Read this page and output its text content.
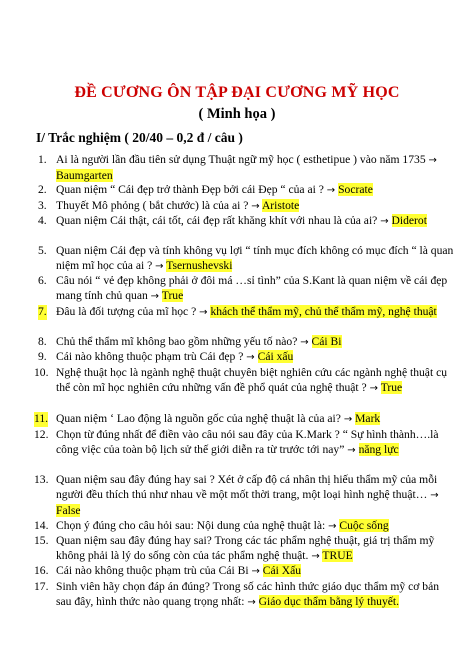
ĐỀ CƯƠNG ÔN TẬP ĐẠI CƯƠNG MỸ HỌC
( Minh họa )
I/ Trắc nghiệm ( 20/40 – 0,2 đ / câu )
1. Ai là người lần đầu tiên sử dụng Thuật ngữ mỹ học ( esthetipue ) vào năm 1735 → Baumgarten
2. Quan niệm “ Cái đẹp trở thành Đẹp bởi cái Đẹp “ của ai ? → Socrate
3. Thuyết Mô phỏng ( bắt chước) là của ai ? → Aristote
4. Quan niệm Cái thật, cái tốt, cái đẹp rất khăng khít với nhau là của ai? → Diderot
5. Quan niệm Cái đẹp và tính không vụ lợi “ tính mục đích không có mục đích “ là quan niệm mĩ học của ai ? → Tsernushevski
6. Câu nói “ vẻ đẹp không phải ở đôi má …sỉ tình” của S.Kant là quan niệm về cái đẹp mang tính chủ quan → True
7. Đâu là đối tượng của mĩ học ? → khách thể thẩm mỹ, chủ thể thẩm mỹ, nghệ thuật
8. Chủ thể thẩm mĩ không bao gồm những yếu tố nào? → Cái Bi
9. Cái nào không thuộc phạm trù Cái đẹp ? → Cái xấu
10. Nghệ thuật học là ngành nghệ thuật chuyên biệt nghiên cứu các ngành nghệ thuật cụ thể còn mĩ học nghiên cứu những vấn đề phổ quát của nghệ thuật ? → True
11. Quan niệm ‘ Lao động là nguồn gốc của nghệ thuật là của ai? → Mark
12. Chọn từ đúng nhất để điền vào câu nói sau đây của K.Mark ? “ Sự hình thành….là công việc của toàn bộ lịch sử thế giới diễn ra từ trước tới nay” → năng lực
13. Quan niệm sau đây đúng hay sai ? Xét ở cấp độ cá nhân thị hiếu thẩm mỹ của mỗi người đều thích thú như nhau về một mốt thời trang, một loại hình nghệ thuật… → False
14. Chọn ý đúng cho câu hỏi sau: Nội dung của nghệ thuật là: → Cuộc sống
15. Quan niệm sau đây đúng hay sai? Trong các tác phẩm nghệ thuật, giá trị thẩm mỹ không phải là lý do sống còn của tác phẩm nghệ thuật. → TRUE
16. Cái nào không thuộc phạm trù của Cái Bi → Cái Xấu
17. Sinh viên hãy chọn đáp án đúng? Trong số các hình thức giáo dục thẩm mỹ cơ bản sau đây, hình thức nào quang trọng nhất: → Giáo dục thẩm bằng lý thuyết.
